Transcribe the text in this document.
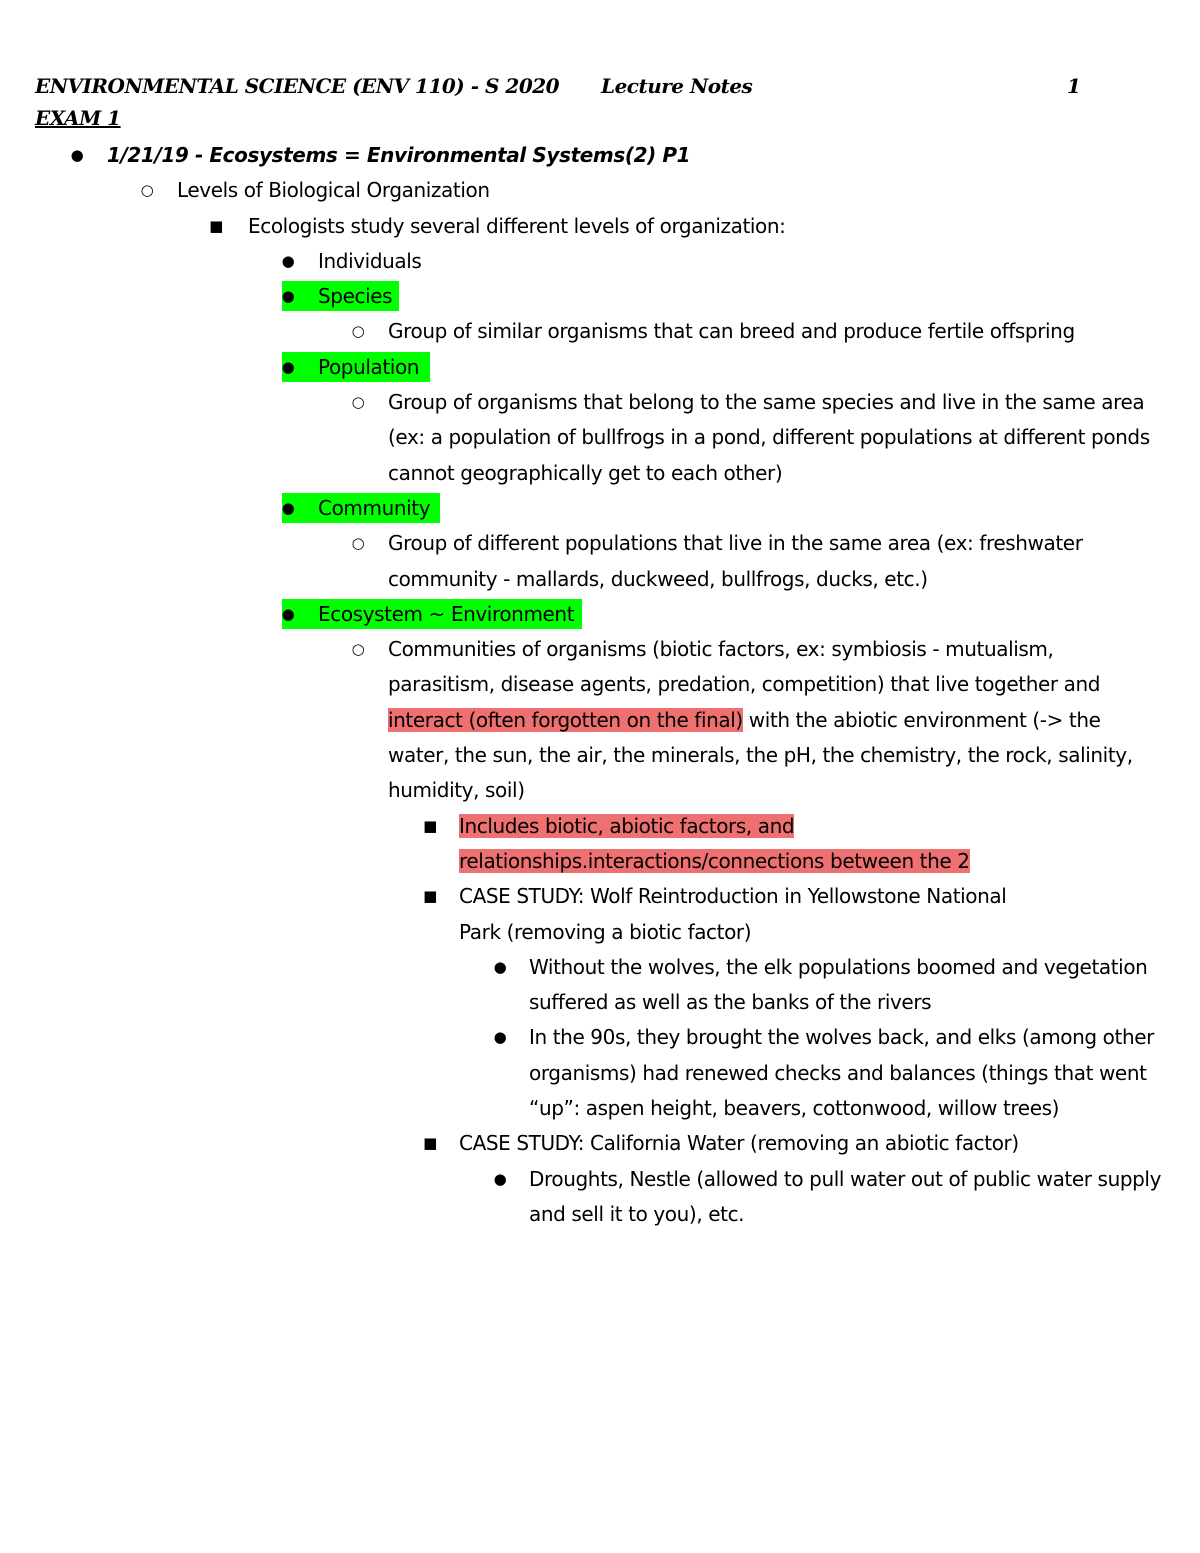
ENVIRONMENTAL SCIENCE (ENV 110) - S 2020 Lecture Notes	1
EXAM 1
● 1/21/19 - Ecosystems = Environmental Systems(2) P1
○ Levels of Biological Organization
■ Ecologists study several different levels of organization:
● Individuals
● Species
○ Group of similar organisms that can breed and produce fertile offspring
● Population
○ Group of organisms that belong to the same species and live in the same area (ex: a population of bullfrogs in a pond, different populations at different ponds cannot geographically get to each other)
● Community
○ Group of different populations that live in the same area (ex: freshwater community - mallards, duckweed, bullfrogs, ducks, etc.)
● Ecosystem ~ Environment
○ Communities of organisms (biotic factors, ex: symbiosis - mutualism, parasitism, disease agents, predation, competition) that live together and interact (often forgotten on the final) with the abiotic environment (-> the water, the sun, the air, the minerals, the pH, the chemistry, the rock, salinity, humidity, soil)
■ Includes biotic, abiotic factors, and relationships.interactions/connections between the 2
■ CASE STUDY: Wolf Reintroduction in Yellowstone National Park (removing a biotic factor)
● Without the wolves, the elk populations boomed and vegetation suffered as well as the banks of the rivers
● In the 90s, they brought the wolves back, and elks (among other organisms) had renewed checks and balances (things that went “up”: aspen height, beavers, cottonwood, willow trees)
■ CASE STUDY: California Water (removing an abiotic factor)
● Droughts, Nestle (allowed to pull water out of public water supply and sell it to you), etc.
